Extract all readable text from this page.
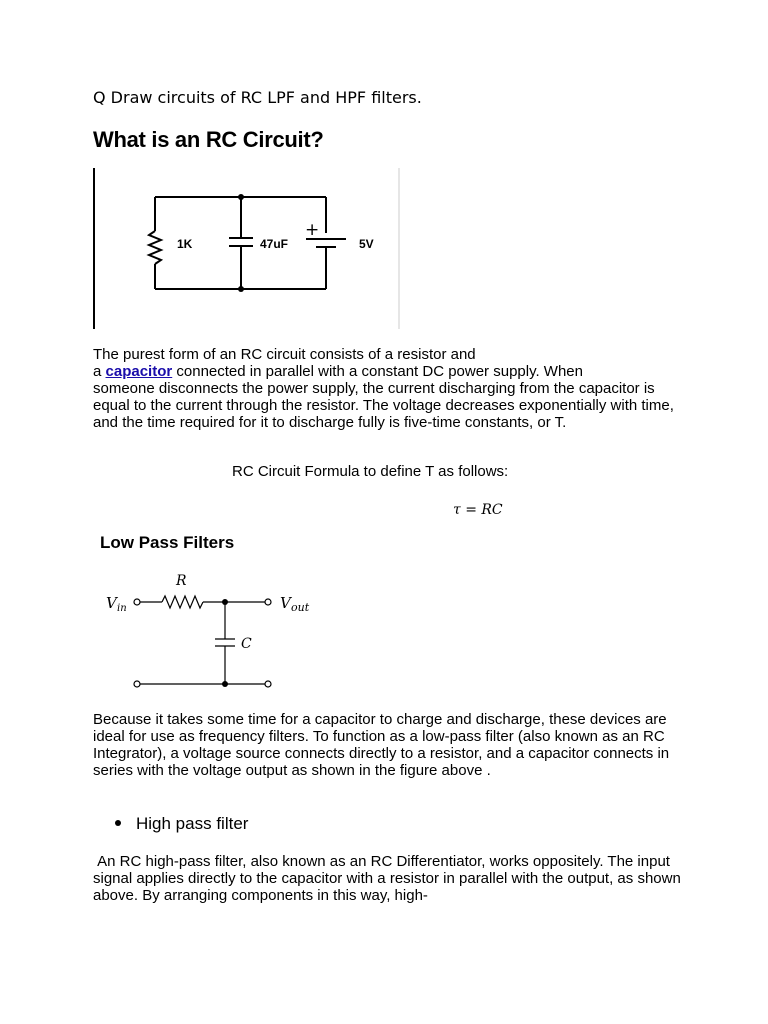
Q Draw circuits of RC LPF and HPF filters.
What is an RC Circuit?
1K	47uF	5V
+

The purest form of an RC circuit consists of a resistor and

a capacitor connected in parallel with a constant DC power supply. When

someone disconnects the power supply, the current discharging from the capacitor is equal to the current through the resistor. The voltage decreases exponentially with time, and the time required for it to discharge fully is five-time constants, or T.

RC Circuit Formula to define T as follows:
τ = RC
Low Pass Filters
R
C
V in	V out
Because it takes some time for a capacitor to charge and discharge, these devices are ideal for use as frequency filters. To function as a low-pass filter (also known as an RC Integrator), a voltage source connects directly to a resistor, and a capacitor connects in series with the voltage output as shown in the figure above .
High pass filter
An RC high-pass filter, also known as an RC Differentiator, works oppositely. The input signal applies directly to the capacitor with a resistor in parallel with the output, as shown above. By arranging components in this way, high-
